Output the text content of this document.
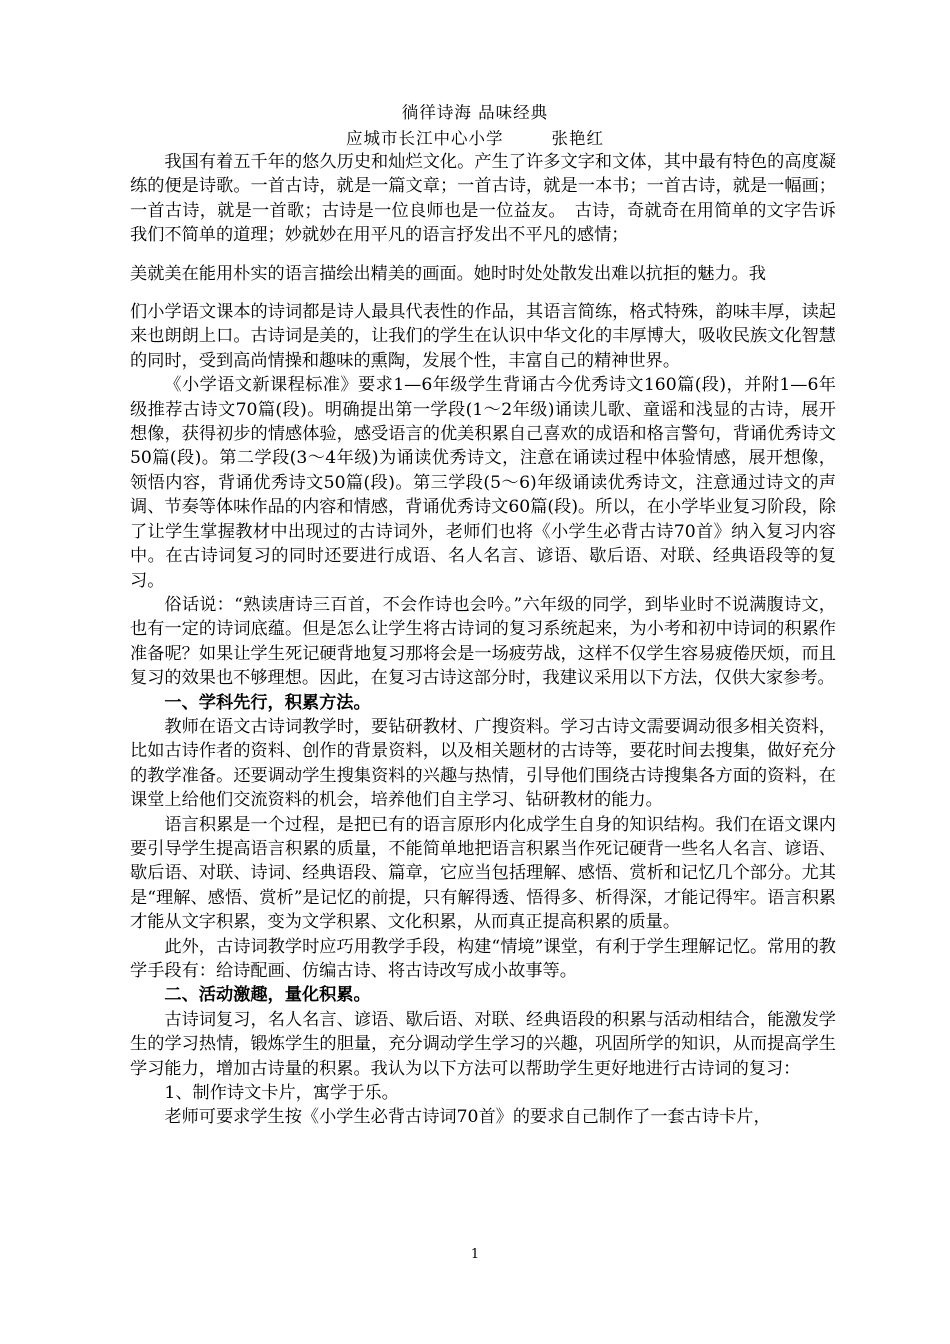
徜徉诗海 品味经典
应城市长江中心小学	张艳红

我国有着五千年的悠久历史和灿烂文化。产生了许多文字和文体，其中最有特色的高度凝练的便是诗歌。一首古诗，就是一篇文章；一首古诗，就是一本书；一首古诗，就是一幅画；一首古诗，就是一首歌；古诗是一位良师也是一位益友。　古诗，奇就奇在用简单的文字告诉我们不简单的道理；妙就妙在用平凡的语言抒发出不平凡的感情；

美就美在能用朴实的语言描绘出精美的画面。她时时处处散发出难以抗拒的魅力。我

们小学语文课本的诗词都是诗人最具代表性的作品，其语言简练，格式特殊，韵味丰厚，读起来也朗朗上口。古诗词是美的，让我们的学生在认识中华文化的丰厚博大，吸收民族文化智慧的同时，受到高尚情操和趣味的熏陶，发展个性，丰富自己的精神世界。

《小学语文新课程标准》要求1—6年级学生背诵古今优秀诗文160篇(段)，并附1—6年级推荐古诗文70篇(段)。明确提出第一学段(1～2年级)诵读儿歌、童谣和浅显的古诗，展开想像，获得初步的情感体验，感受语言的优美积累自己喜欢的成语和格言警句，背诵优秀诗文50篇(段)。第二学段(3～4年级)为诵读优秀诗文，注意在诵读过程中体验情感，展开想像，领悟内容，背诵优秀诗文50篇(段)。第三学段(5～6)年级诵读优秀诗文，注意通过诗文的声调、节奏等体味作品的内容和情感，背诵优秀诗文60篇(段)。所以，在小学毕业复习阶段，除了让学生掌握教材中出现过的古诗词外，老师们也将《小学生必背古诗70首》纳入复习内容中。在古诗词复习的同时还要进行成语、名人名言、谚语、歇后语、对联、经典语段等的复习。

俗话说：“熟读唐诗三百首，不会作诗也会吟。”六年级的同学，到毕业时不说满腹诗文，也有一定的诗词底蕴。但是怎么让学生将古诗词的复习系统起来，为小考和初中诗词的积累作准备呢？如果让学生死记硬背地复习那将会是一场疲劳战，这样不仅学生容易疲倦厌烦，而且复习的效果也不够理想。因此，在复习古诗这部分时，我建议采用以下方法，仅供大家参考。

一、学科先行，积累方法。

教师在语文古诗词教学时，要钻研教材、广搜资料。学习古诗文需要调动很多相关资料，比如古诗作者的资料、创作的背景资料，以及相关题材的古诗等，要花时间去搜集，做好充分的教学准备。还要调动学生搜集资料的兴趣与热情，引导他们围绕古诗搜集各方面的资料，在课堂上给他们交流资料的机会，培养他们自主学习、钻研教材的能力。

语言积累是一个过程，是把已有的语言原形内化成学生自身的知识结构。我们在语文课内要引导学生提高语言积累的质量，不能简单地把语言积累当作死记硬背一些名人名言、谚语、歇后语、对联、诗词、经典语段、篇章，它应当包括理解、感悟、赏析和记忆几个部分。尤其是“理解、感悟、赏析”是记忆的前提，只有解得透、悟得多、析得深，才能记得牢。语言积累才能从文字积累，变为文学积累、文化积累，从而真正提高积累的质量。

此外，古诗词教学时应巧用教学手段，构建“情境”课堂，有利于学生理解记忆。常用的教学手段有：给诗配画、仿编古诗、将古诗改写成小故事等。

二、活动激趣，量化积累。

古诗词复习，名人名言、谚语、歇后语、对联、经典语段的积累与活动相结合，能激发学生的学习热情，锻炼学生的胆量，充分调动学生学习的兴趣，巩固所学的知识，从而提高学生学习能力，增加古诗量的积累。我认为以下方法可以帮助学生更好地进行古诗词的复习：

1、制作诗文卡片，寓学于乐。

老师可要求学生按《小学生必背古诗词70首》的要求自己制作了一套古诗卡片，

1
